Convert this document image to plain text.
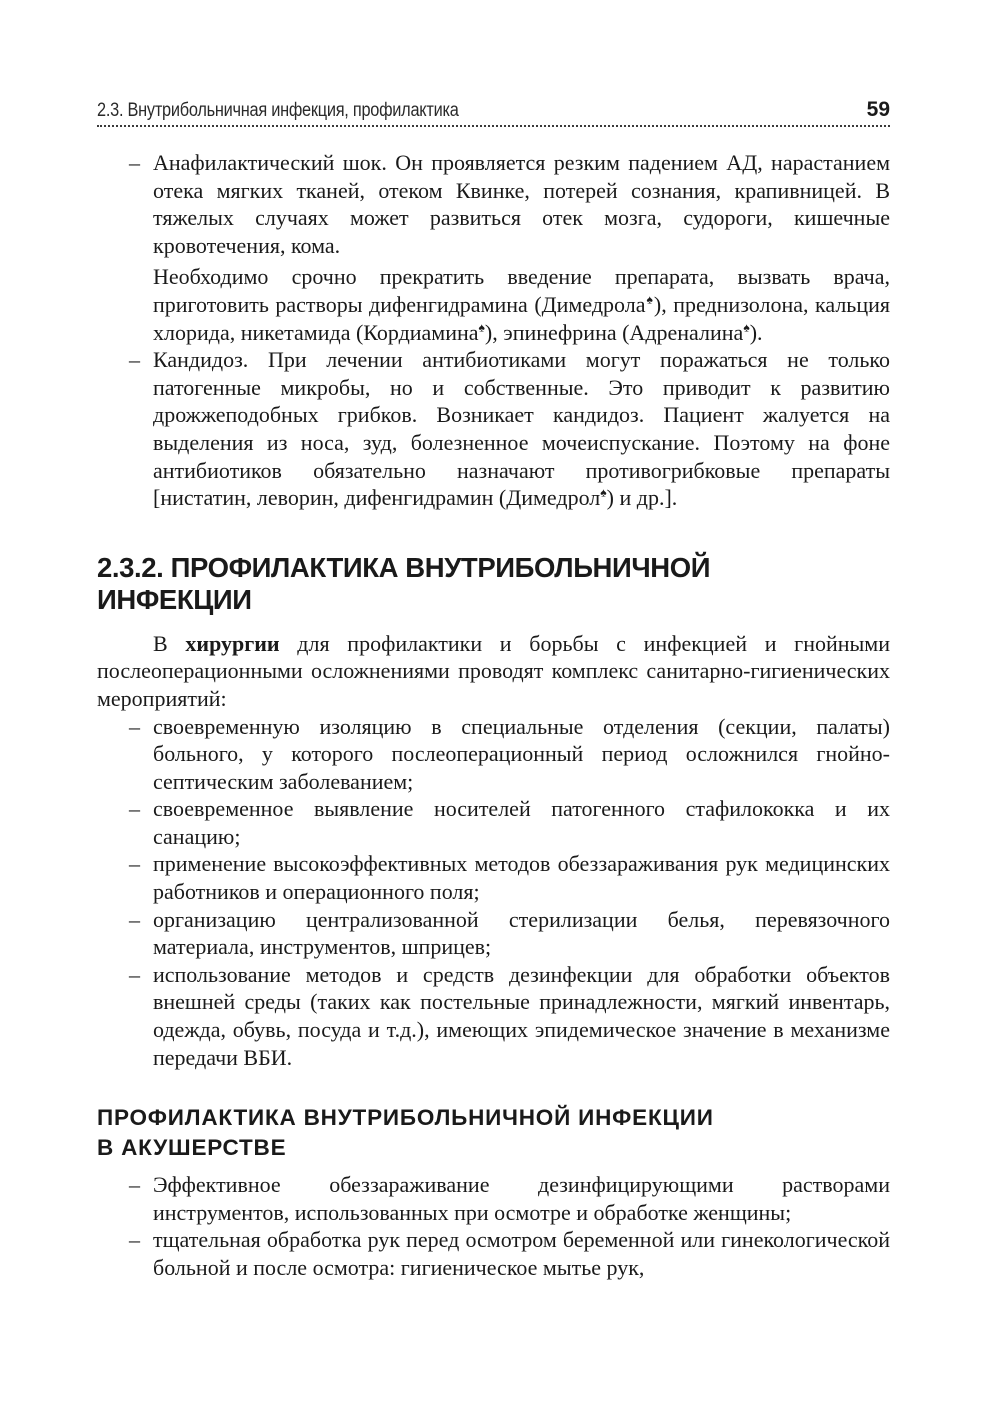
2.3. Внутрибольничная инфекция, профилактика	59

– Анафилактический шок. Он проявляется резким падением АД, нарастанием отека мягких тканей, отеком Квинке, потерей сознания, крапивницей. В тяжелых случаях может развиться отек мозга, судороги, кишечные кровотечения, кома.

Необходимо срочно прекратить введение препарата, вызвать врача, приготовить растворы дифенгидрамина (Димедрола♠), преднизолона, кальция хлорида, никетамида (Кордиамина♠), эпинефрина (Адреналина♠).

– Кандидоз. При лечении антибиотиками могут поражаться не только патогенные микробы, но и собственные. Это приводит к развитию дрожжеподобных грибков. Возникает кандидоз. Пациент жалуется на выделения из носа, зуд, болезненное мочеиспускание. Поэтому на фоне антибиотиков обязательно назначают противогрибковые препараты [нистатин, леворин, дифенгидрамин (Димедрол♠) и др.].

2.3.2. ПРОФИЛАКТИКА ВНУТРИБОЛЬНИЧНОЙ
ИНФЕКЦИИ

В хирургии для профилактики и борьбы с инфекцией и гнойными послеоперационными осложнениями проводят комплекс санитарно-гигиенических мероприятий:

– своевременную изоляцию в специальные отделения (секции, палаты) больного, у которого послеоперационный период осложнился гнойно-септическим заболеванием;

– своевременное выявление носителей патогенного стафилококка и их санацию;

– применение высокоэффективных методов обеззараживания рук медицинских работников и операционного поля;

– организацию централизованной стерилизации белья, перевязочного материала, инструментов, шприцев;

– использование методов и средств дезинфекции для обработки объектов внешней среды (таких как постельные принадлежности, мягкий инвентарь, одежда, обувь, посуда и т.д.), имеющих эпидемическое значение в механизме передачи ВБИ.

ПРОФИЛАКТИКА ВНУТРИБОЛЬНИЧНОЙ ИНФЕКЦИИ
В АКУШЕРСТВЕ

– Эффективное обеззараживание дезинфицирующими растворами инструментов, использованных при осмотре и обработке женщины;

– тщательная обработка рук перед осмотром беременной или гинекологической больной и после осмотра: гигиеническое мытье рук,
